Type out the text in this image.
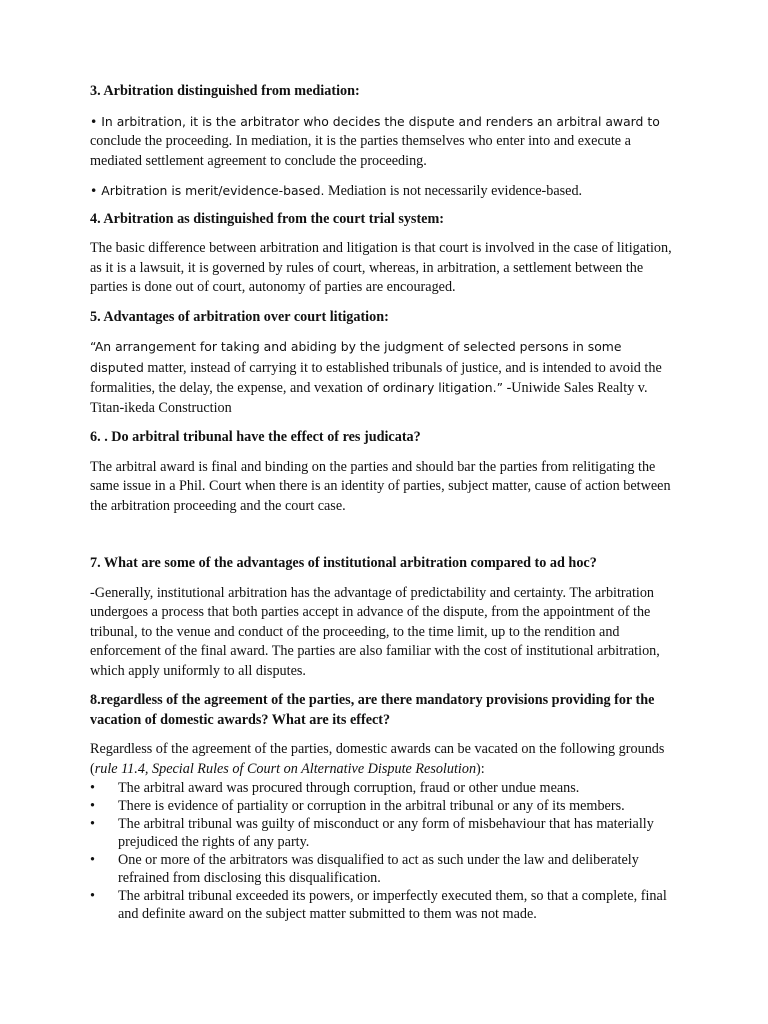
3. Arbitration distinguished from mediation:

• In arbitration, it is the arbitrator who decides the dispute and renders an arbitral award to conclude the proceeding. In mediation, it is the parties themselves who enter into and execute a mediated settlement agreement to conclude the proceeding.

• Arbitration is merit/evidence-based. Mediation is not necessarily evidence-based.

4. Arbitration as distinguished from the court trial system:

The basic difference between arbitration and litigation is that court is involved in the case of litigation, as it is a lawsuit, it is governed by rules of court, whereas, in arbitration, a settlement between the parties is done out of court, autonomy of parties are encouraged.

5. Advantages of arbitration over court litigation:

“An arrangement for taking and abiding by the judgment of selected persons in some disputed matter, instead of carrying it to established tribunals of justice, and is intended to avoid the formalities, the delay, the expense, and vexation of ordinary litigation.” -Uniwide Sales Realty v. Titan-ikeda Construction

6. . Do arbitral tribunal have the effect of res judicata?

The arbitral award is final and binding on the parties and should bar the parties from relitigating the same issue in a Phil. Court when there is an identity of parties, subject matter, cause of action between the arbitration proceeding and the court case.

7. What are some of the advantages of institutional arbitration compared to ad hoc?

-Generally, institutional arbitration has the advantage of predictability and certainty. The arbitration undergoes a process that both parties accept in advance of the dispute, from the appointment of the tribunal, to the venue and conduct of the proceeding, to the time limit, up to the rendition and enforcement of the final award. The parties are also familiar with the cost of institutional arbitration, which apply uniformly to all disputes.

8.regardless of the agreement of the parties, are there mandatory provisions providing for the vacation of domestic awards? What are its effect?

Regardless of the agreement of the parties, domestic awards can be vacated on the following grounds (rule 11.4, Special Rules of Court on Alternative Dispute Resolution):

• The arbitral award was procured through corruption, fraud or other undue means.
• There is evidence of partiality or corruption in the arbitral tribunal or any of its members.
• The arbitral tribunal was guilty of misconduct or any form of misbehaviour that has materially prejudiced the rights of any party.
• One or more of the arbitrators was disqualified to act as such under the law and deliberately refrained from disclosing this disqualification.
• The arbitral tribunal exceeded its powers, or imperfectly executed them, so that a complete, final and definite award on the subject matter submitted to them was not made.
